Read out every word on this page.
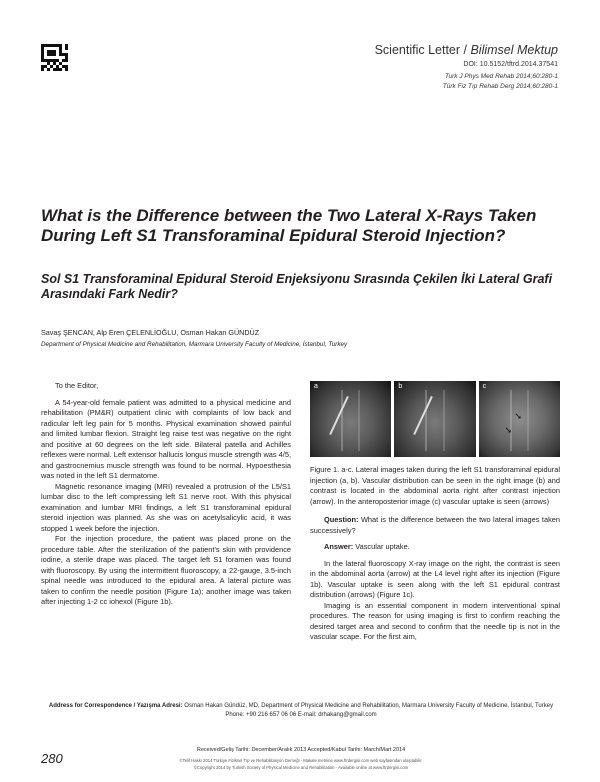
Scientific Letter / Bilimsel Mektup
DOI: 10.5152/tftrd.2014.37541
Turk J Phys Med Rehab 2014;60:280-1
Türk Fiz Tıp Rehab Derg 2014;60:280-1
What is the Difference between the Two Lateral X-Rays Taken During Left S1 Transforaminal Epidural Steroid Injection?
Sol S1 Transforaminal Epidural Steroid Enjeksiyonu Sırasında Çekilen İki Lateral Grafi Arasındaki Fark Nedir?
Savaş ŞENCAN, Alp Eren ÇELENLİOĞLU, Osman Hakan GÜNDÜZ
Department of Physical Medicine and Rehabilitation, Marmara University Faculty of Medicine, İstanbul, Turkey

To the Editor,

A 54-year-old female patient was admitted to a physical medicine and rehabilitation (PM&R) outpatient clinic with complaints of low back and radicular left leg pain for 5 months. Physical examination showed painful and limited lumbar flexion. Straight leg raise test was negative on the right and positive at 60 degrees on the left side. Bilateral patella and Achilles reflexes were normal. Left extensor hallucis longus muscle strength was 4/5, and gastrocnemius muscle strength was found to be normal. Hypoesthesia was noted in the left S1 dermatome.

Magnetic resonance imaging (MRI) revealed a protrusion of the L5/S1 lumbar disc to the left compressing left S1 nerve root. With this physical examination and lumbar MRI findings, a left S1 transforaminal epidural steroid injection was planned. As she was on acetylsalicylic acid, it was stopped 1 week before the injection.

For the injection procedure, the patient was placed prone on the procedure table. After the sterilization of the patient's skin with providence iodine, a sterile drape was placed. The target left S1 foramen was found with fluoroscopy. By using the intermittent fluoroscopy, a 22-gauge, 3.5-inch spinal needle was introduced to the epidural area. A lateral picture was taken to confirm the needle position (Figure 1a); another image was taken after injecting 1-2 cc iohexol (Figure 1b).

a	b	c
➘
➘

Figure 1. a-c. Lateral images taken during the left S1 transforaminal epidural injection (a, b). Vascular distribution can be seen in the right image (b) and contrast is located in the abdominal aorta right after contrast injection (arrow). In the anteroposterior image (c) vascular uptake is seen (arrows)

Question: What is the difference between the two lateral images taken successively?

Answer: Vascular uptake.

In the lateral fluoroscopy X-ray image on the right, the contrast is seen in the abdominal aorta (arrow) at the L4 level right after its injection (Figure 1b). Vascular uptake is seen along with the left S1 epidural contrast distribution (arrows) (Figure 1c).

Imaging is an essential component in modern interventional spinal procedures. The reason for using imaging is first to confirm reaching the desired target area and second to confirm that the needle tip is not in the vascular scape. For the first aim,

Address for Correspondence / Yazışma Adresi: Osman Hakan Gündüz, MD, Department of Physical Medicine and Rehabilitation, Marmara University Faculty of Medicine, İstanbul, Turkey Phone: +90 216 657 06 06 E-mail: drhakang@gmail.com
Received/Geliş Tarihi: December/Aralık 2013 Accepted/Kabul Tarihi: March/Mart 2014
©Telif Hakkı 2014 Türkiye Fiziksel Tıp ve Rehabilitasyon Derneği - Makale metnine www.ftrdergisi.com web sayfasından ulaşılabilir.
©Copyright 2014 by Turkish Society of Physical Medicine and Rehabilitation - Available online at www.ftrdergisi.com
280
